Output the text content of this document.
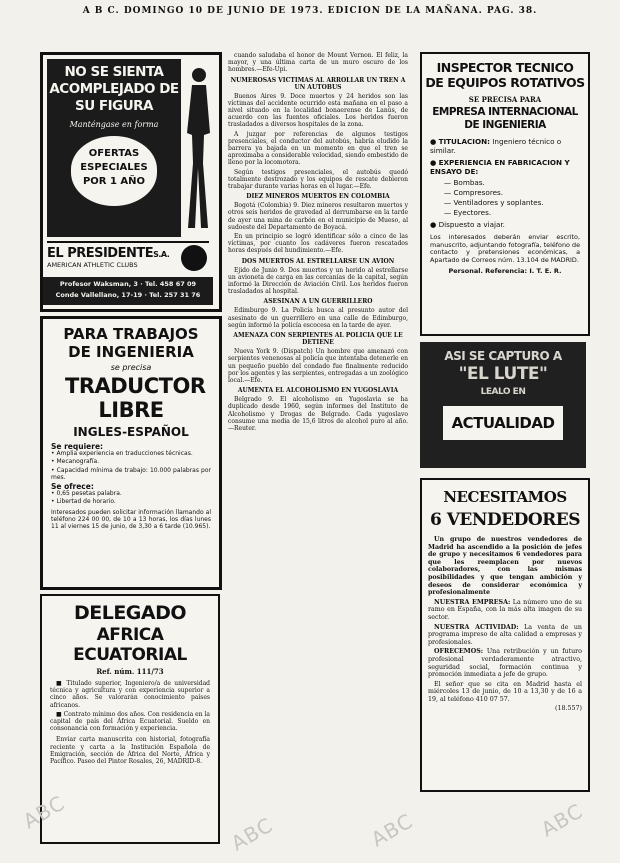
A B C. DOMINGO 10 DE JUNIO DE 1973. EDICION DE LA MAÑANA. PAG. 38.
NO SE SIENTA
ACOMPLEJADO DE
SU FIGURA
Manténgase en forma
OFERTAS
ESPECIALES
POR 1 AÑO
EL PRESIDENTES.A.
AMERICAN ATHLETIC CLUBS
Profesor Waksman, 3 · Tel. 458 67 09
Conde Vallellano, 17-19 · Tel. 257 31 76
PARA TRABAJOS DE INGENIERIA
se precisa
TRADUCTOR LIBRE
INGLES-ESPAÑOL
Se requiere:
• Amplia experiencia en traducciones técnicas.
• Mecanografía.
• Capacidad mínima de trabajo: 10.000 palabras por mes.
Se ofrece:
• 0,65 pesetas palabra.
• Libertad de horario.
Interesados pueden solicitar información llamando al teléfono 224 00 00, de 10 a 13 horas, los días lunes 11 al viernes 15 de junio, de 3,30 a 6 tarde (10.965).
DELEGADO
AFRICA ECUATORIAL
Ref. núm. 111/73

■ Titulado superior, Ingeniero/a de universidad técnica y agricultura y con experiencia superior a cinco años. Se valorarán conocimiento países africanos.

■ Contrato mínimo dos años. Con residencia en la capital de país del África Ecuatorial. Sueldo en consonancia con formación y experiencia.

Enviar carta manuscrita con historial, fotografía reciente y carta a la Institución Española de Emigración, sección de África del Norte, África y Pacífico. Paseo del Pintor Rosales, 26, MADRID-8.

cuando saludaba el honor de Mount Vernon. El feliz, la mayor, y una última carta de un muro oscuro de los hombres.—Efe-Upi.

NUMEROSAS VICTIMAS AL ARROLLAR UN TREN A UN AUTOBUS

Buenos Aires 9. Doce muertos y 24 heridos son las víctimas del accidente ocurrido esta mañana en el paso a nivel situado en la localidad bonaerense de Lanús, de acuerdo con las fuentes oficiales. Los heridos fueron trasladados a diversos hospitales de la zona.

A juzgar por referencias de algunos testigos presenciales, el conductor del autobús, habría eludido la barrera ya bajada en un momento en que el tren se aproximaba a considerable velocidad, siendo embestido de lleno por la locomotora.

Según testigos presenciales, el autobús quedó totalmente destrozado y los equipos de rescate debieron trabajar durante varias horas en el lugar.—Efe.

DIEZ MINEROS MUERTOS EN COLOMBIA

Bogotá (Colombia) 9. Diez mineros resultaron muertos y otros seis heridos de gravedad al derrumbarse en la tarde de ayer una mina de carbón en el municipio de Mueso, al sudoeste del Departamento de Boyacá.

En un principio se logró identificar sólo a cinco de las víctimas, por cuanto los cadáveres fueron rescatados horas después del hundimiento.—Efe.

DOS MUERTOS AL ESTRELLARSE UN AVION

Ejido de Junio 9. Dos muertos y un herido al estrellarse un avioneta de carga en las cercanías de la capital, según informó la Dirección de Aviación Civil. Los heridos fueron trasladados al hospital.

ASESINAN A UN GUERRILLERO

Edimburgo 9. La Policía busca al presunto autor del asesinato de un guerrillero en una calle de Edimburgo, según informó la policía escocesa en la tarde de ayer.

AMENAZA CON SERPIENTES AL POLICIA QUE LE DETIENE

Nueva York 9. (Dispatch) Un hombre que amenazó con serpientes venenosas al policía que intentaba detenerle en un pequeño pueblo del condado fue finalmente reducido por los agentes y las serpientes, entregadas a un zoológico local.—Efe.

AUMENTA EL ALCOHOLISMO EN YUGOSLAVIA

Belgrado 9. El alcoholismo en Yugoslavia se ha duplicado desde 1960, según informes del Instituto de Alcoholismo y Drogas de Belgrado. Cada yugoslavo consume una media de 15,6 litros de alcohol puro al año.—Reuter.

INSPECTOR TECNICO
DE EQUIPOS ROTATIVOS
SE PRECISA PARA
EMPRESA INTERNACIONAL
DE INGENIERIA
● TITULACION: Ingeniero técnico o similar.
● EXPERIENCIA EN FABRICACION Y ENSAYO DE:
— Bombas.
— Compresores.
— Ventiladores y soplantes.
— Eyectores.
● Dispuesto a viajar.
Los interesados deberán enviar escrito, manuscrito, adjuntando fotografía, teléfono de contacto y pretensiones económicas, a Apartado de Correos núm. 13.104 de MADRID.
Personal. Referencia: I. T. E. R.
ASI SE CAPTURO A
"EL LUTE"
LEALO EN
ACTUALIDAD
NECESITAMOS
6 VENDEDORES

Un grupo de nuestros vendedores de Madrid ha ascendido a la posición de jefes de grupo y necesitamos 6 vendedores para que les reemplacen por nuevos colaboradores, con las mismas posibilidades y que tengan ambición y deseos de considerar económica y profesionalmente

NUESTRA EMPRESA: La número uno de su ramo en España, con la más alta imagen de su sector.

NUESTRA ACTIVIDAD: La venta de un programa impreso de alta calidad a empresas y profesionales.

OFRECEMOS: Una retribución y un futuro profesional verdaderamente atractivo, seguridad social, formación continua y promoción inmediata a jefe de grupo.

El señor que se cita en Madrid hasta el miércoles 13 de junio, de 10 a 13,30 y de 16 a 19, al teléfono 410 07 57.

(18.557)
ABC
ABC	ABC	ABC
